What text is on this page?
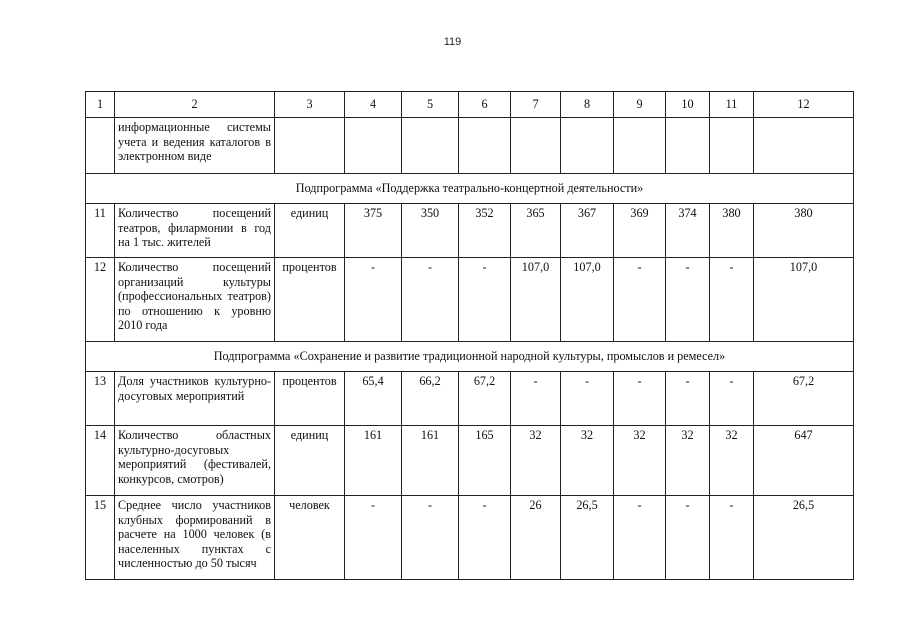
119
1	2	3	4	5	6	7	8	9	10	11	12
	информационные системы учета и ведения каталогов в электронном виде										
Подпрограмма «Поддержка театрально-концертной деятельности»											
11	Количество посещений театров, филармонии в год на 1 тыс. жителей	единиц	375	350	352	365	367	369	374	380	380
12	Количество посещений организаций культуры (профессиональных театров) по отношению к уровню 2010 года	процентов	-	-	-	107,0	107,0	-	-	-	107,0
Подпрограмма «Сохранение и развитие традиционной народной культуры, промыслов и ремесел»											
13	Доля участников культурно-досуговых мероприятий	процентов	65,4	66,2	67,2	-	-	-	-	-	67,2
14	Количество областных культурно-досуговых мероприятий (фестивалей, конкурсов, смотров)	единиц	161	161	165	32	32	32	32	32	647
15	Среднее число участников клубных формирований в расчете на 1000 человек (в населенных пунктах с численностью до 50 тысяч	человек	-	-	-	26	26,5	-	-	-	26,5
